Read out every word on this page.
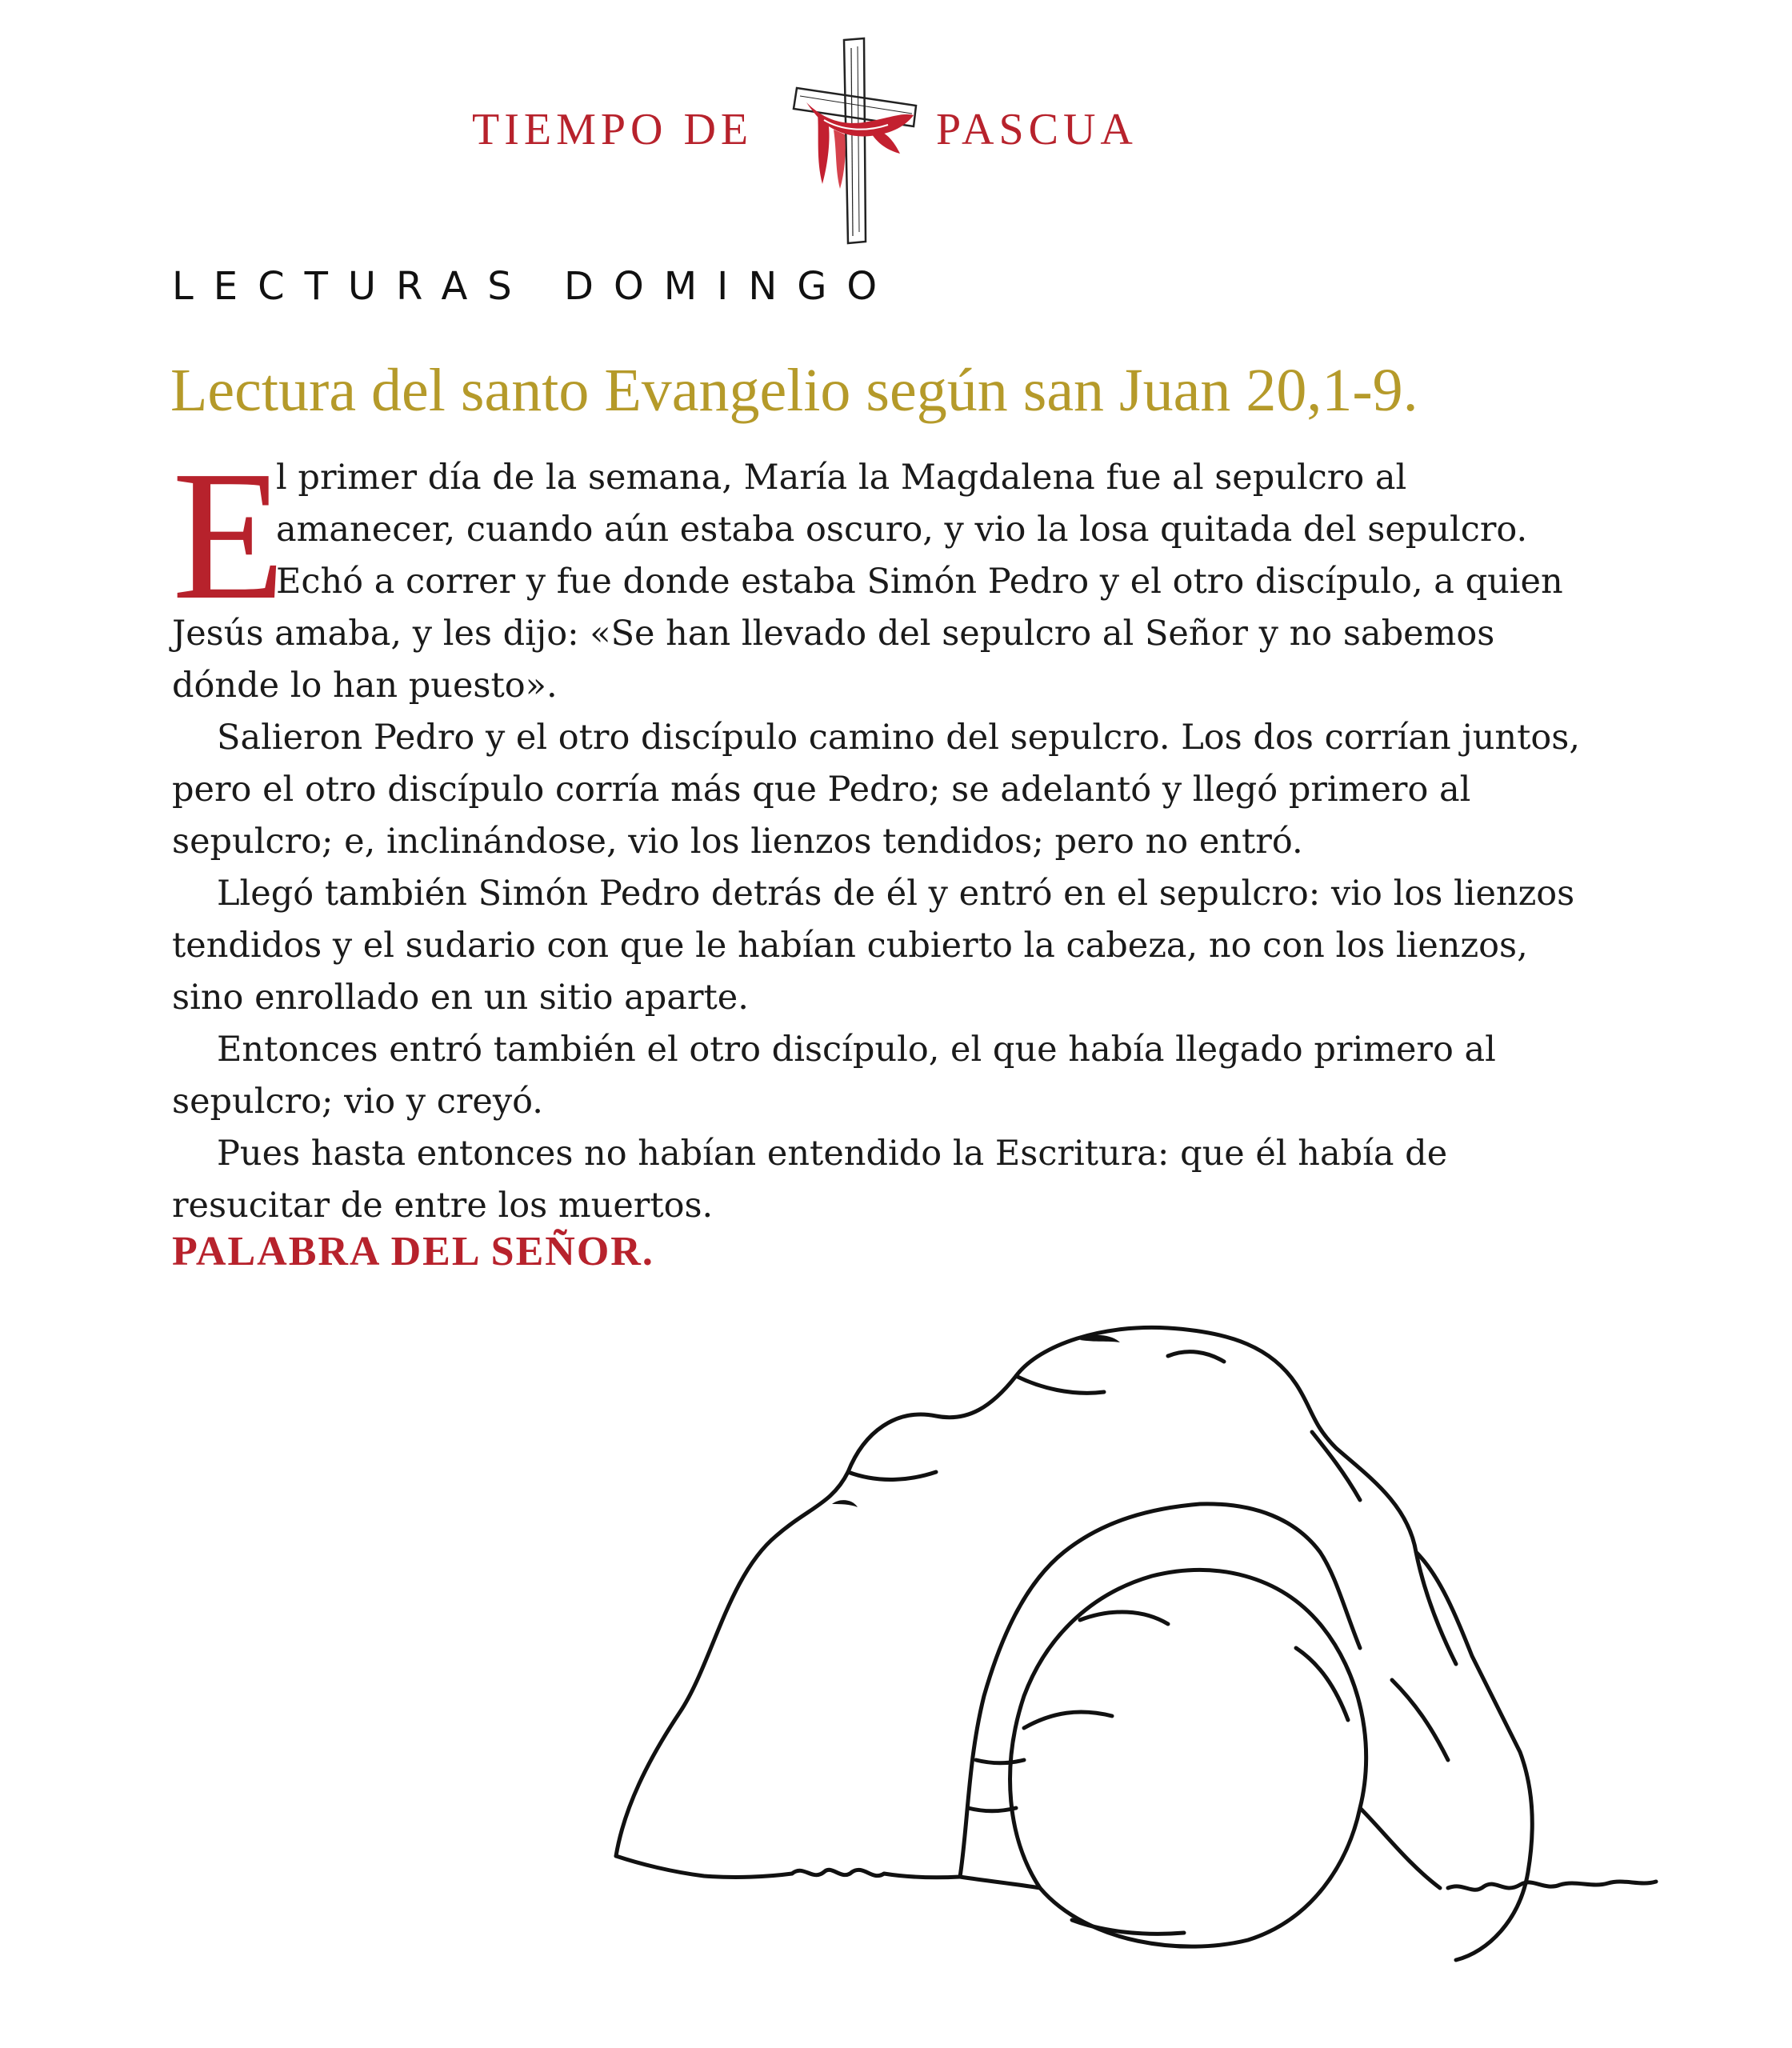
TIEMPO DE	PASCUA
LECTURAS DOMINGO
Lectura del santo Evangelio según san Juan 20,1-9.
E
l primer día de la semana, María la Magdalena fue al sepulcro al
amanecer, cuando aún estaba oscuro, y vio la losa quitada del sepulcro.
Echó a correr y fue donde estaba Simón Pedro y el otro discípulo, a quien
Jesús amaba, y les dijo: «Se han llevado del sepulcro al Señor y no sabemos
dónde lo han puesto».
Salieron Pedro y el otro discípulo camino del sepulcro. Los dos corrían juntos,
pero el otro discípulo corría más que Pedro; se adelantó y llegó primero al
sepulcro; e, inclinándose, vio los lienzos tendidos; pero no entró.
Llegó también Simón Pedro detrás de él y entró en el sepulcro: vio los lienzos
tendidos y el sudario con que le habían cubierto la cabeza, no con los lienzos,
sino enrollado en un sitio aparte.
Entonces entró también el otro discípulo, el que había llegado primero al
sepulcro; vio y creyó.
Pues hasta entonces no habían entendido la Escritura: que él había de
resucitar de entre los muertos.
PALABRA DEL SEÑOR.
